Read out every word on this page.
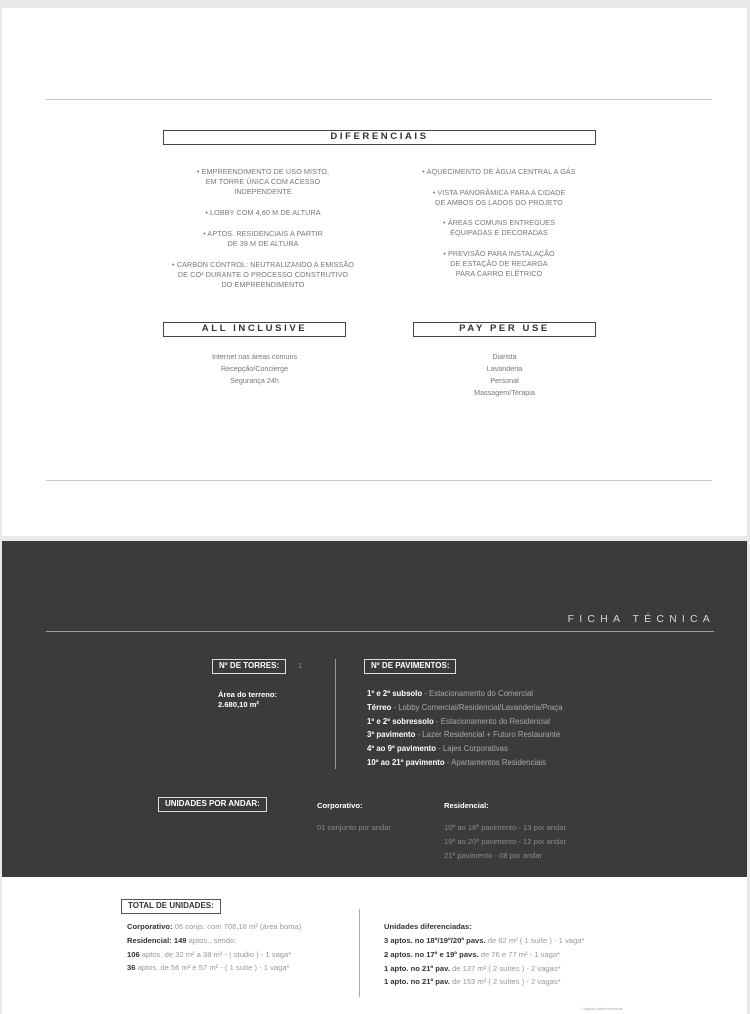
DIFERENCIAIS
• EMPREENDIMENTO DE USO MISTO,
EM TORRE ÚNICA COM ACESSO
INDEPENDENTE
• LOBBY COM 4,60 M DE ALTURA
• APTOS. RESIDENCIAIS A PARTIR
DE 39 M DE ALTURA
• CARBON CONTROL: NEUTRALIZANDO A EMISSÃO
DE CO² DURANTE O PROCESSO CONSTRUTIVO
DO EMPREENDIMENTO
• AQUECIMENTO DE ÁGUA CENTRAL A GÁS
• VISTA PANORÂMICA PARA A CIDADE
DE AMBOS OS LADOS DO PROJETO
• ÁREAS COMUNS ENTREGUES
EQUIPADAS E DECORADAS
• PREVISÃO PARA INSTALAÇÃO
DE ESTAÇÃO DE RECARGA
PARA CARRO ELÉTRICO
ALL INCLUSIVE
Internet nas áreas comuns
Recepção/Concierge
Segurança 24h
PAY PER USE
Diarista
Lavanderia
Personal
Massagem/Terapia
FICHA TÉCNICA
Nº DE TORRES:	1
Área do terreno:
2.680,10 m²
Nº DE PAVIMENTOS:
1º e 2º subsolo - Estacionamento do Comercial
Térreo - Lobby Comercial/Residencial/Lavanderia/Praça
1º e 2º sobressolo - Estacionamento do Residencial
3º pavimento - Lazer Residencial + Futuro Restaurante
4º ao 9º pavimento - Lajes Corporativas
10º ao 21º pavimento - Apartamentos Residenciais
UNIDADES POR ANDAR:	Corporativo:
01 conjunto por andar
Residencial:
10º ao 18º pavimento - 13 por andar
19º ao 20º pavimento - 12 por andar
21º pavimento - 08 por andar
TOTAL DE UNIDADES:
Corporativo: 06 conjs. com 706,18 m² (área boma)
Residencial: 149 aptos., sendo:
106 aptos. de 32 m² a 38 m² - ( studio ) - 1 vaga*
36 aptos. de 56 m² e 57 m² - ( 1 suíte ) - 1 vaga*
Unidades diferenciadas:
3 aptos. no 18º/19º/20º pavs. de 62 m² ( 1 suíte ) - 1 vaga*
2 aptos. no 17º e 19º pavs. de 76 e 77 m² - 1 vaga*
1 apto. no 21º pav. de 137 m² ( 2 suítes ) - 2 vagas*
1 apto. no 21º pav. de 153 m² ( 2 suítes ) - 2 vagas*
*Vagas indeterminadas
